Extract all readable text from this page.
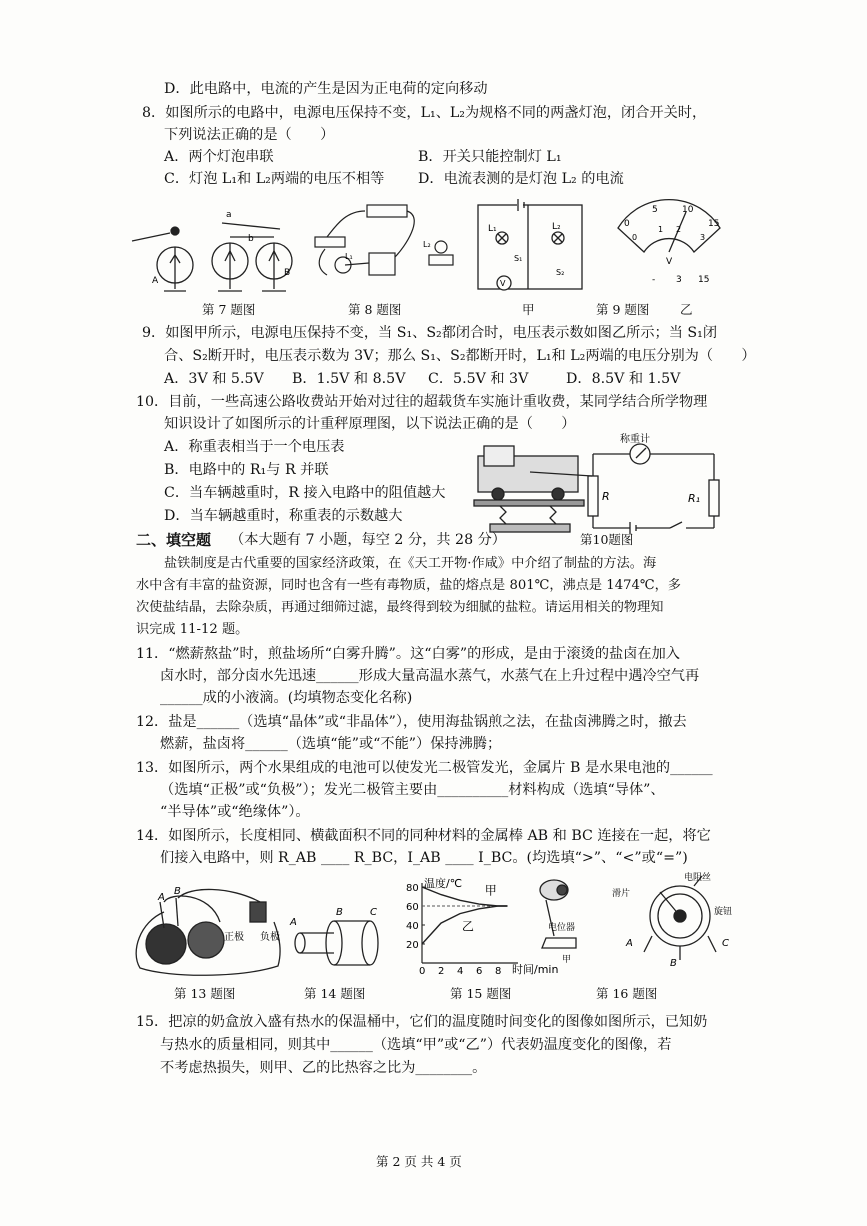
D．此电路中，电流的产生是因为正电荷的定向移动
8．如图所示的电路中，电源电压保持不变，L₁、L₂为规格不同的两盏灯泡，闭合开关时，
下列说法正确的是（　　）
A．两个灯泡串联	B．开关只能控制灯 L₁
C．灯泡 L₁和 L₂两端的电压不相等 D．电流表测的是灯泡 L₂ 的电流
A
a
b
B
L₁
L₂
L₁	L₂
S₁
S₂
V
0
5	10
15
0
1 2
3
V
- 3 15
第 7 题图	第 8 题图	甲	第 9 题图 乙
9．如图甲所示，电源电压保持不变，当 S₁、S₂都闭合时，电压表示数如图乙所示；当 S₁闭
合、S₂断开时，电压表示数为 3V；那么 S₁、S₂都断开时，L₁和 L₂两端的电压分别为（　　）
A．3V 和 5.5V B．1.5V 和 8.5V C．5.5V 和 3V	D．8.5V 和 1.5V
10．目前，一些高速公路收费站开始对过往的超载货车实施计重收费，某同学结合所学物理
知识设计了如图所示的计重秤原理图，以下说法正确的是（　　）
A．称重表相当于一个电压表
B．电路中的 R₁与 R 并联
C．当车辆越重时，R 接入电路中的阻值越大
D．当车辆越重时，称重表的示数越大
称重计
R	R₁
第10题图
二、填空题 （本大题有 7 小题，每空 2 分，共 28 分）
盐铁制度是古代重要的国家经济政策，在《天工开物·作咸》中介绍了制盐的方法。海
水中含有丰富的盐资源，同时也含有一些有毒物质，盐的熔点是 801℃，沸点是 1474℃，多
次使盐结晶，去除杂质，再通过细筛过滤，最终得到较为细腻的盐粒。请运用相关的物理知
识完成 11-12 题。
11．“燃薪熬盐”时，煎盐场所“白雾升腾”。这“白雾”的形成，是由于滚烫的盐卤在加入
卤水时，部分卤水先迅速______形成大量高温水蒸气，水蒸气在上升过程中遇冷空气再
______成的小液滴。(均填物态变化名称)
12．盐是______（选填“晶体”或“非晶体”），使用海盐锅煎之法，在盐卤沸腾之时，撤去
燃薪，盐卤将______（选填“能”或“不能”）保持沸腾；
13．如图所示，两个水果组成的电池可以使发光二极管发光，金属片 B 是水果电池的______
（选填“正极”或“负极”）；发光二极管主要由__________材料构成（选填“导体”、
“半导体”或“绝缘体”）。
14．如图所示，长度相同、横截面积不同的同种材料的金属棒 AB 和 BC 连接在一起，将它
们接入电路中，则 R_AB ____ R_BC，I_AB ____ I_BC。(均选填“>”、“<”或“=”)
A
B
正极 负极
A
B	C
20
40
60
80
0 2 4 6 8
甲
乙
温度/℃
时间/min
电位器
甲
电阻丝
滑片
旋钮
A
B
C
第 13 题图	第 14 题图	第 15 题图	第 16 题图
15．把凉的奶盒放入盛有热水的保温桶中，它们的温度随时间变化的图像如图所示，已知奶
与热水的质量相同，则其中______（选填“甲”或“乙”）代表奶温度变化的图像，若
不考虑热损失，则甲、乙的比热容之比为________。
第 2 页 共 4 页
